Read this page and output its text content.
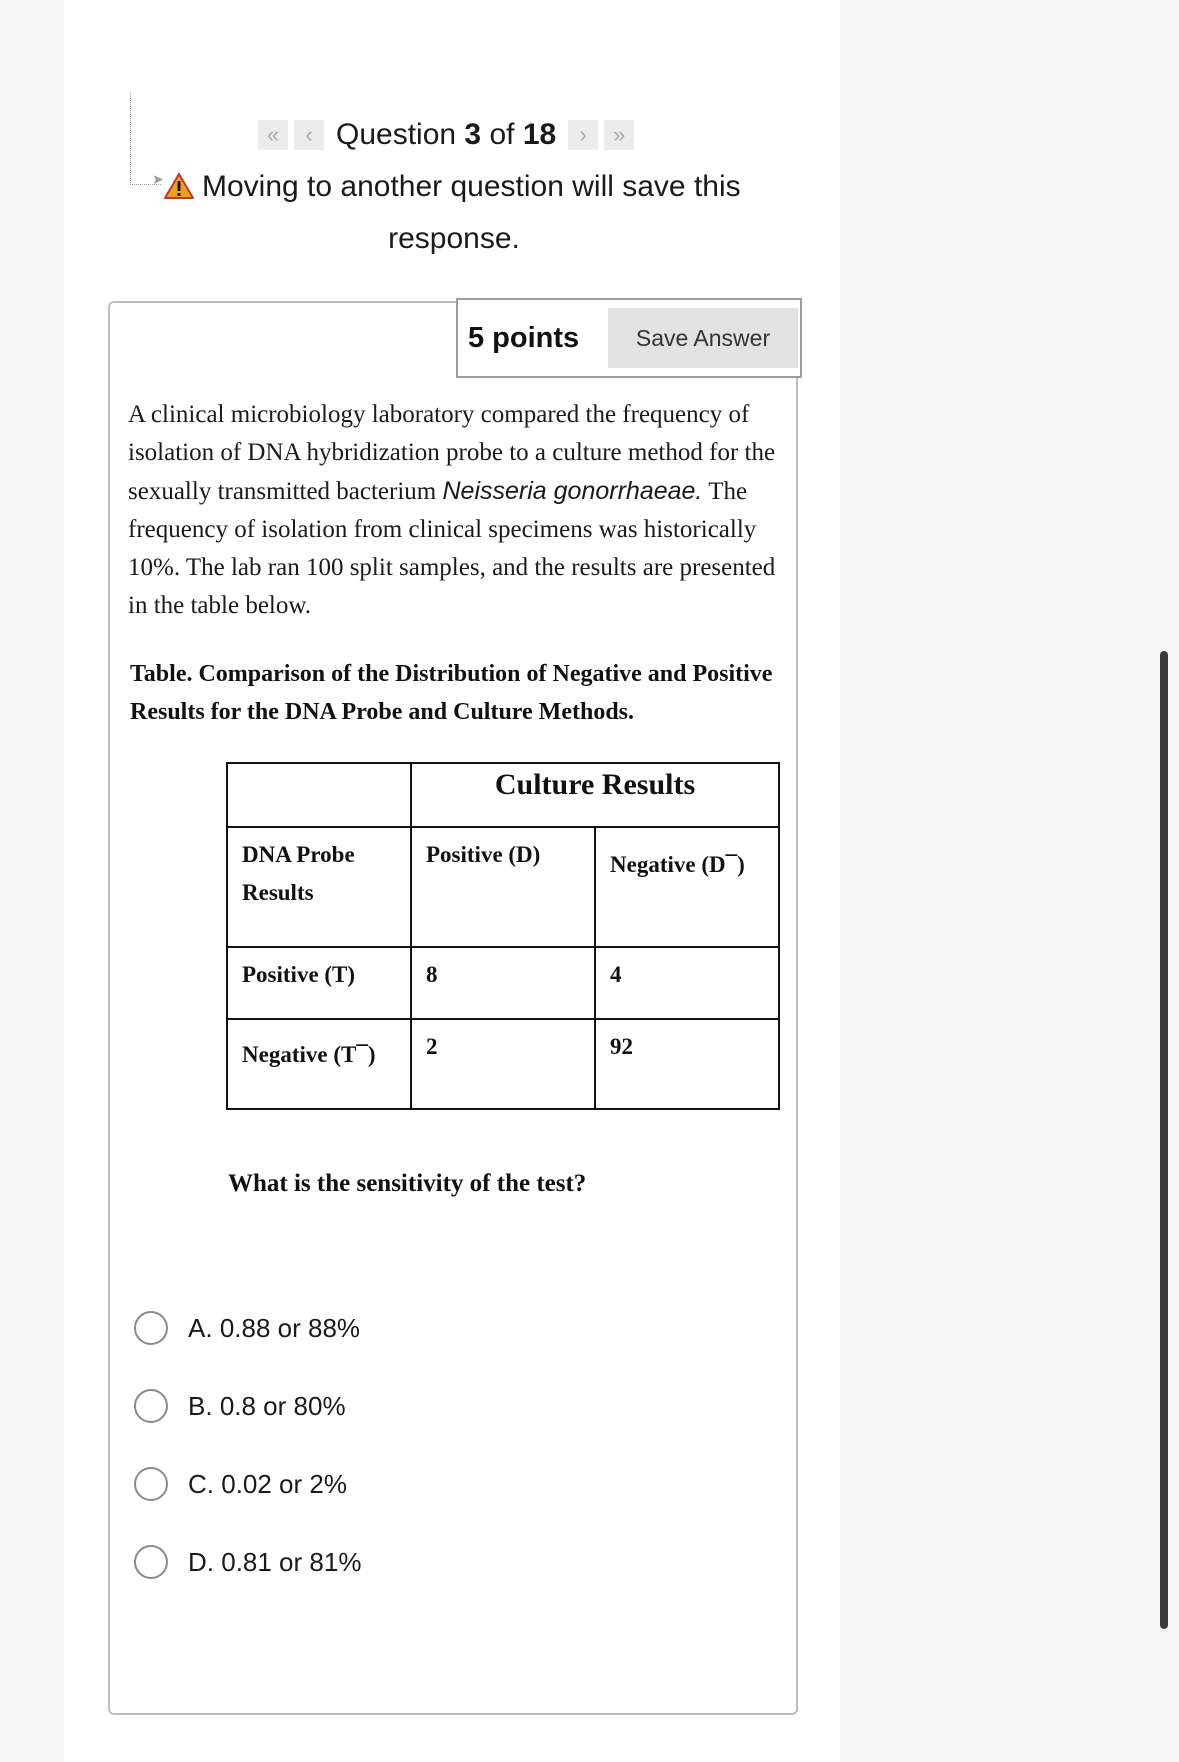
➤
« ‹ Question 3 of 18 › »
Moving to another question will save this
response.
5 points	Save Answer
A clinical microbiology laboratory compared the frequency of isolation of DNA hybridization probe to a culture method for the sexually transmitted bacterium Neisseria gonorrhaeae. The frequency of isolation from clinical specimens was historically 10%. The lab ran 100 split samples, and the results are presented in the table below.
Table. Comparison of the Distribution of Negative and Positive Results for the DNA Probe and Culture Methods.
	Culture Results	
DNA Probe Results	Positive (D)	Negative (D¯)
Positive (T)	8	4
Negative (T¯)	2	92
What is the sensitivity of the test?
A. 0.88 or 88%
B. 0.8 or 80%
C. 0.02 or 2%
D. 0.81 or 81%
